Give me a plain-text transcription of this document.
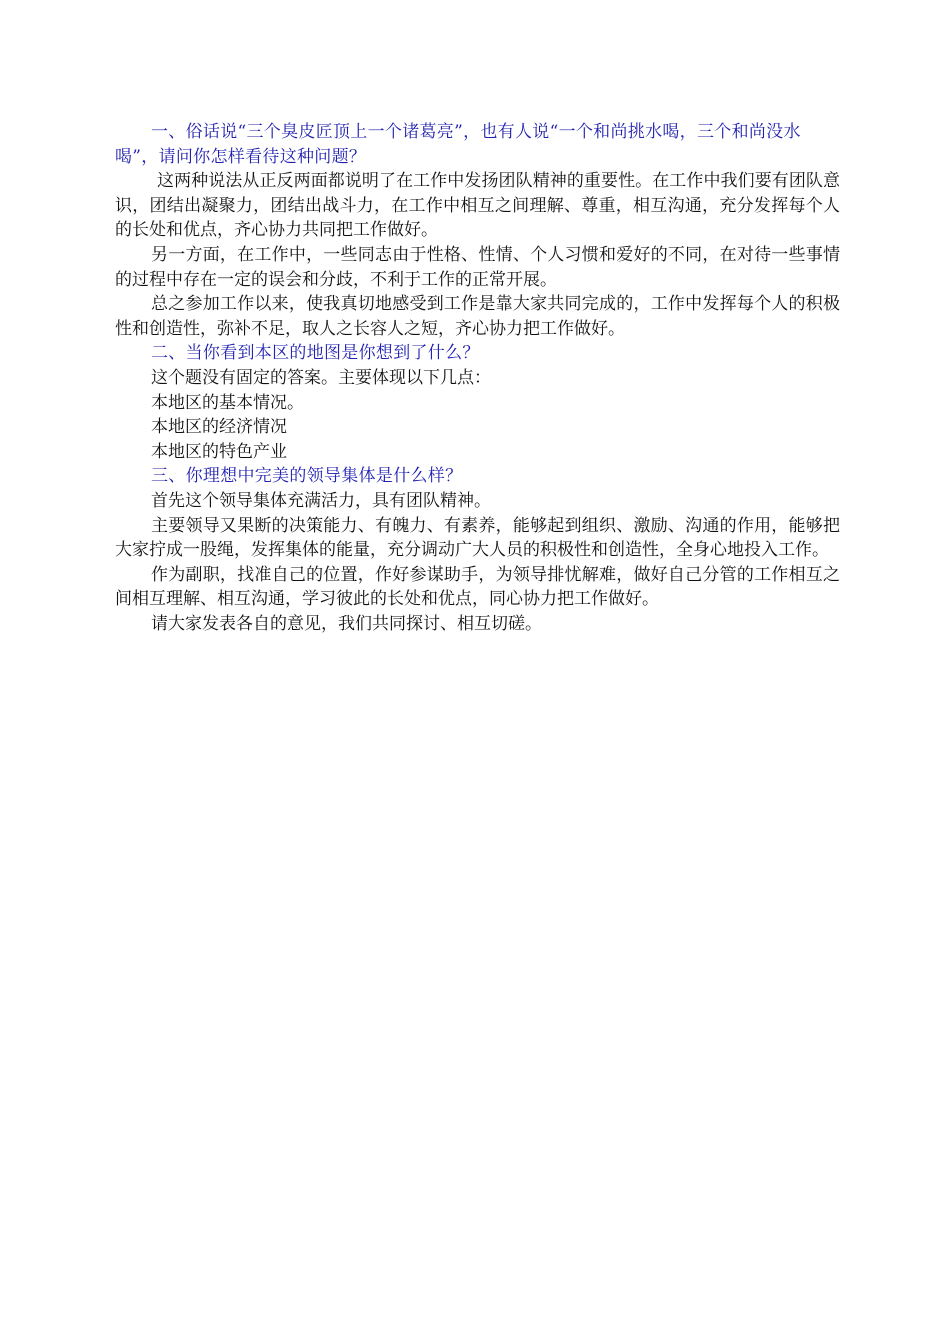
一、俗话说“三个臭皮匠顶上一个诸葛亮”，也有人说“一个和尚挑水喝，三个和尚没水喝”，请问你怎样看待这种问题？

这两种说法从正反两面都说明了在工作中发扬团队精神的重要性。在工作中我们要有团队意识，团结出凝聚力，团结出战斗力，在工作中相互之间理解、尊重，相互沟通，充分发挥每个人的长处和优点，齐心协力共同把工作做好。

另一方面，在工作中，一些同志由于性格、性情、个人习惯和爱好的不同，在对待一些事情的过程中存在一定的误会和分歧，不利于工作的正常开展。

总之参加工作以来，使我真切地感受到工作是靠大家共同完成的，工作中发挥每个人的积极性和创造性，弥补不足，取人之长容人之短，齐心协力把工作做好。

二、当你看到本区的地图是你想到了什么？

这个题没有固定的答案。主要体现以下几点：

本地区的基本情况。

本地区的经济情况

本地区的特色产业

三、你理想中完美的领导集体是什么样？

首先这个领导集体充满活力，具有团队精神。

主要领导又果断的决策能力、有魄力、有素养，能够起到组织、激励、沟通的作用，能够把大家拧成一股绳，发挥集体的能量，充分调动广大人员的积极性和创造性，全身心地投入工作。

作为副职，找准自己的位置，作好参谋助手，为领导排忧解难，做好自己分管的工作相互之间相互理解、相互沟通，学习彼此的长处和优点，同心协力把工作做好。

请大家发表各自的意见，我们共同探讨、相互切磋。
